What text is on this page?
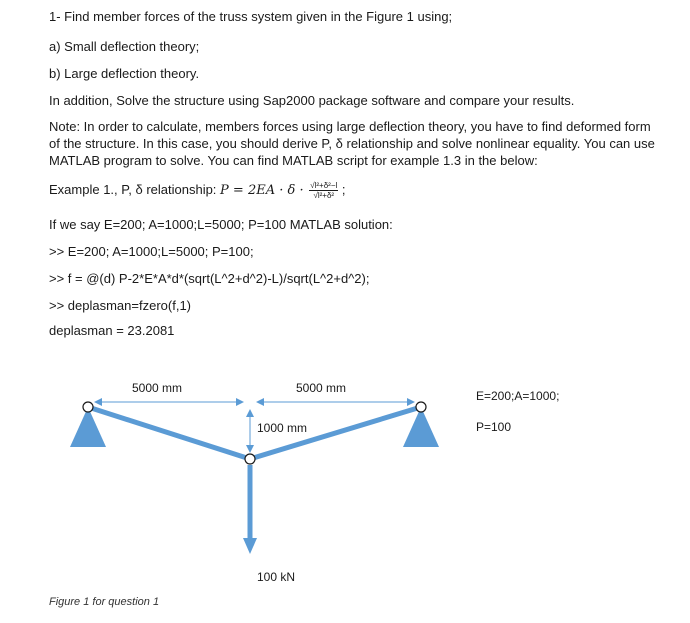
1- Find member forces of the truss system given in the Figure 1 using;
a) Small deflection theory;
b) Large deflection theory.
In addition, Solve the structure using Sap2000 package software and compare your results.
Note: In order to calculate, members forces using large deflection theory, you have to find deformed form of the structure. In this case, you should derive P, δ relationship and solve nonlinear equality. You can use MATLAB program to solve. You can find MATLAB script for example 1.3 in the below:
Example 1., P, δ relationship: $P = 2EA \cdot \delta \cdot \frac{\text{√l²+δ²−l}}{\text{√l²+δ²}}$ ;
If we say E=200; A=1000;L=5000; P=100 MATLAB solution:
>> E=200; A=1000;L=5000; P=100;
>> f = @(d) P-2*E*A*d*(sqrt(L^2+d^2)-L)/sqrt(L^2+d^2);
>> deplasman=fzero(f,1)
deplasman = 23.2081
5000 mm	5000 mm
1000 mm
100 kN
E=200;A=1000;
P=100
Figure 1 for question 1
